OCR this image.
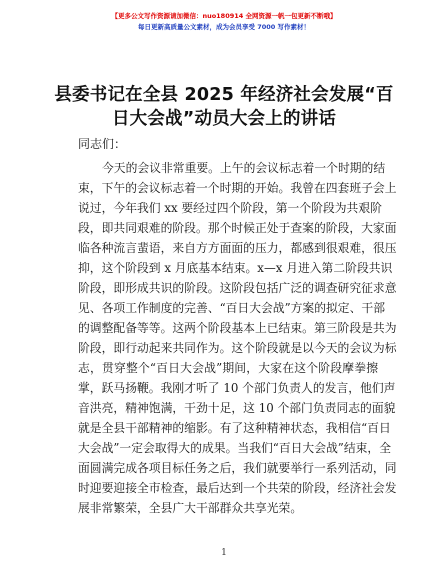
【更多公文写作资源请加微信：nuo180914 全网资源一帆一包更新不断哦】
每日更新高质量公文素材，成为会员享受 7000 写作素材！
县委书记在全县 2025 年经济社会发展“百日大会战”动员大会上的讲话
同志们：
今天的会议非常重要。上午的会议标志着一个时期的结
束，下午的会议标志着一个时期的开始。我曾在四套班子会上
说过，今年我们 xx 要经过四个阶段，第一个阶段为共艰阶
段，即共同艰难的阶段。那个时候正处于查案的阶段，大家面
临各种流言蜚语，来自方方面面的压力，都感到很艰难，很压
抑，这个阶段到 x 月底基本结束。x—x 月进入第二阶段共识
阶段，即形成共识的阶段。这阶段包括广泛的调查研究征求意
见、各项工作制度的完善、“百日大会战”方案的拟定、干部
的调整配备等等。这两个阶段基本上已结束。第三阶段是共为
阶段，即行动起来共同作为。这个阶段就是以今天的会议为标
志，贯穿整个“百日大会战”期间，大家在这个阶段摩拳擦
掌，跃马扬鞭。我刚才听了 10 个部门负责人的发言，他们声
音洪亮，精神饱满，干劲十足，这 10 个部门负责同志的面貌
就是全县干部精神的缩影。有了这种精神状态，我相信“百日
大会战”一定会取得大的成果。当我们“百日大会战”结束，全
面圆满完成各项目标任务之后，我们就要举行一系列活动，同
时迎要迎接全市检查，最后达到一个共荣的阶段，经济社会发
展非常繁荣，全县广大干部群众共享光荣。
1
